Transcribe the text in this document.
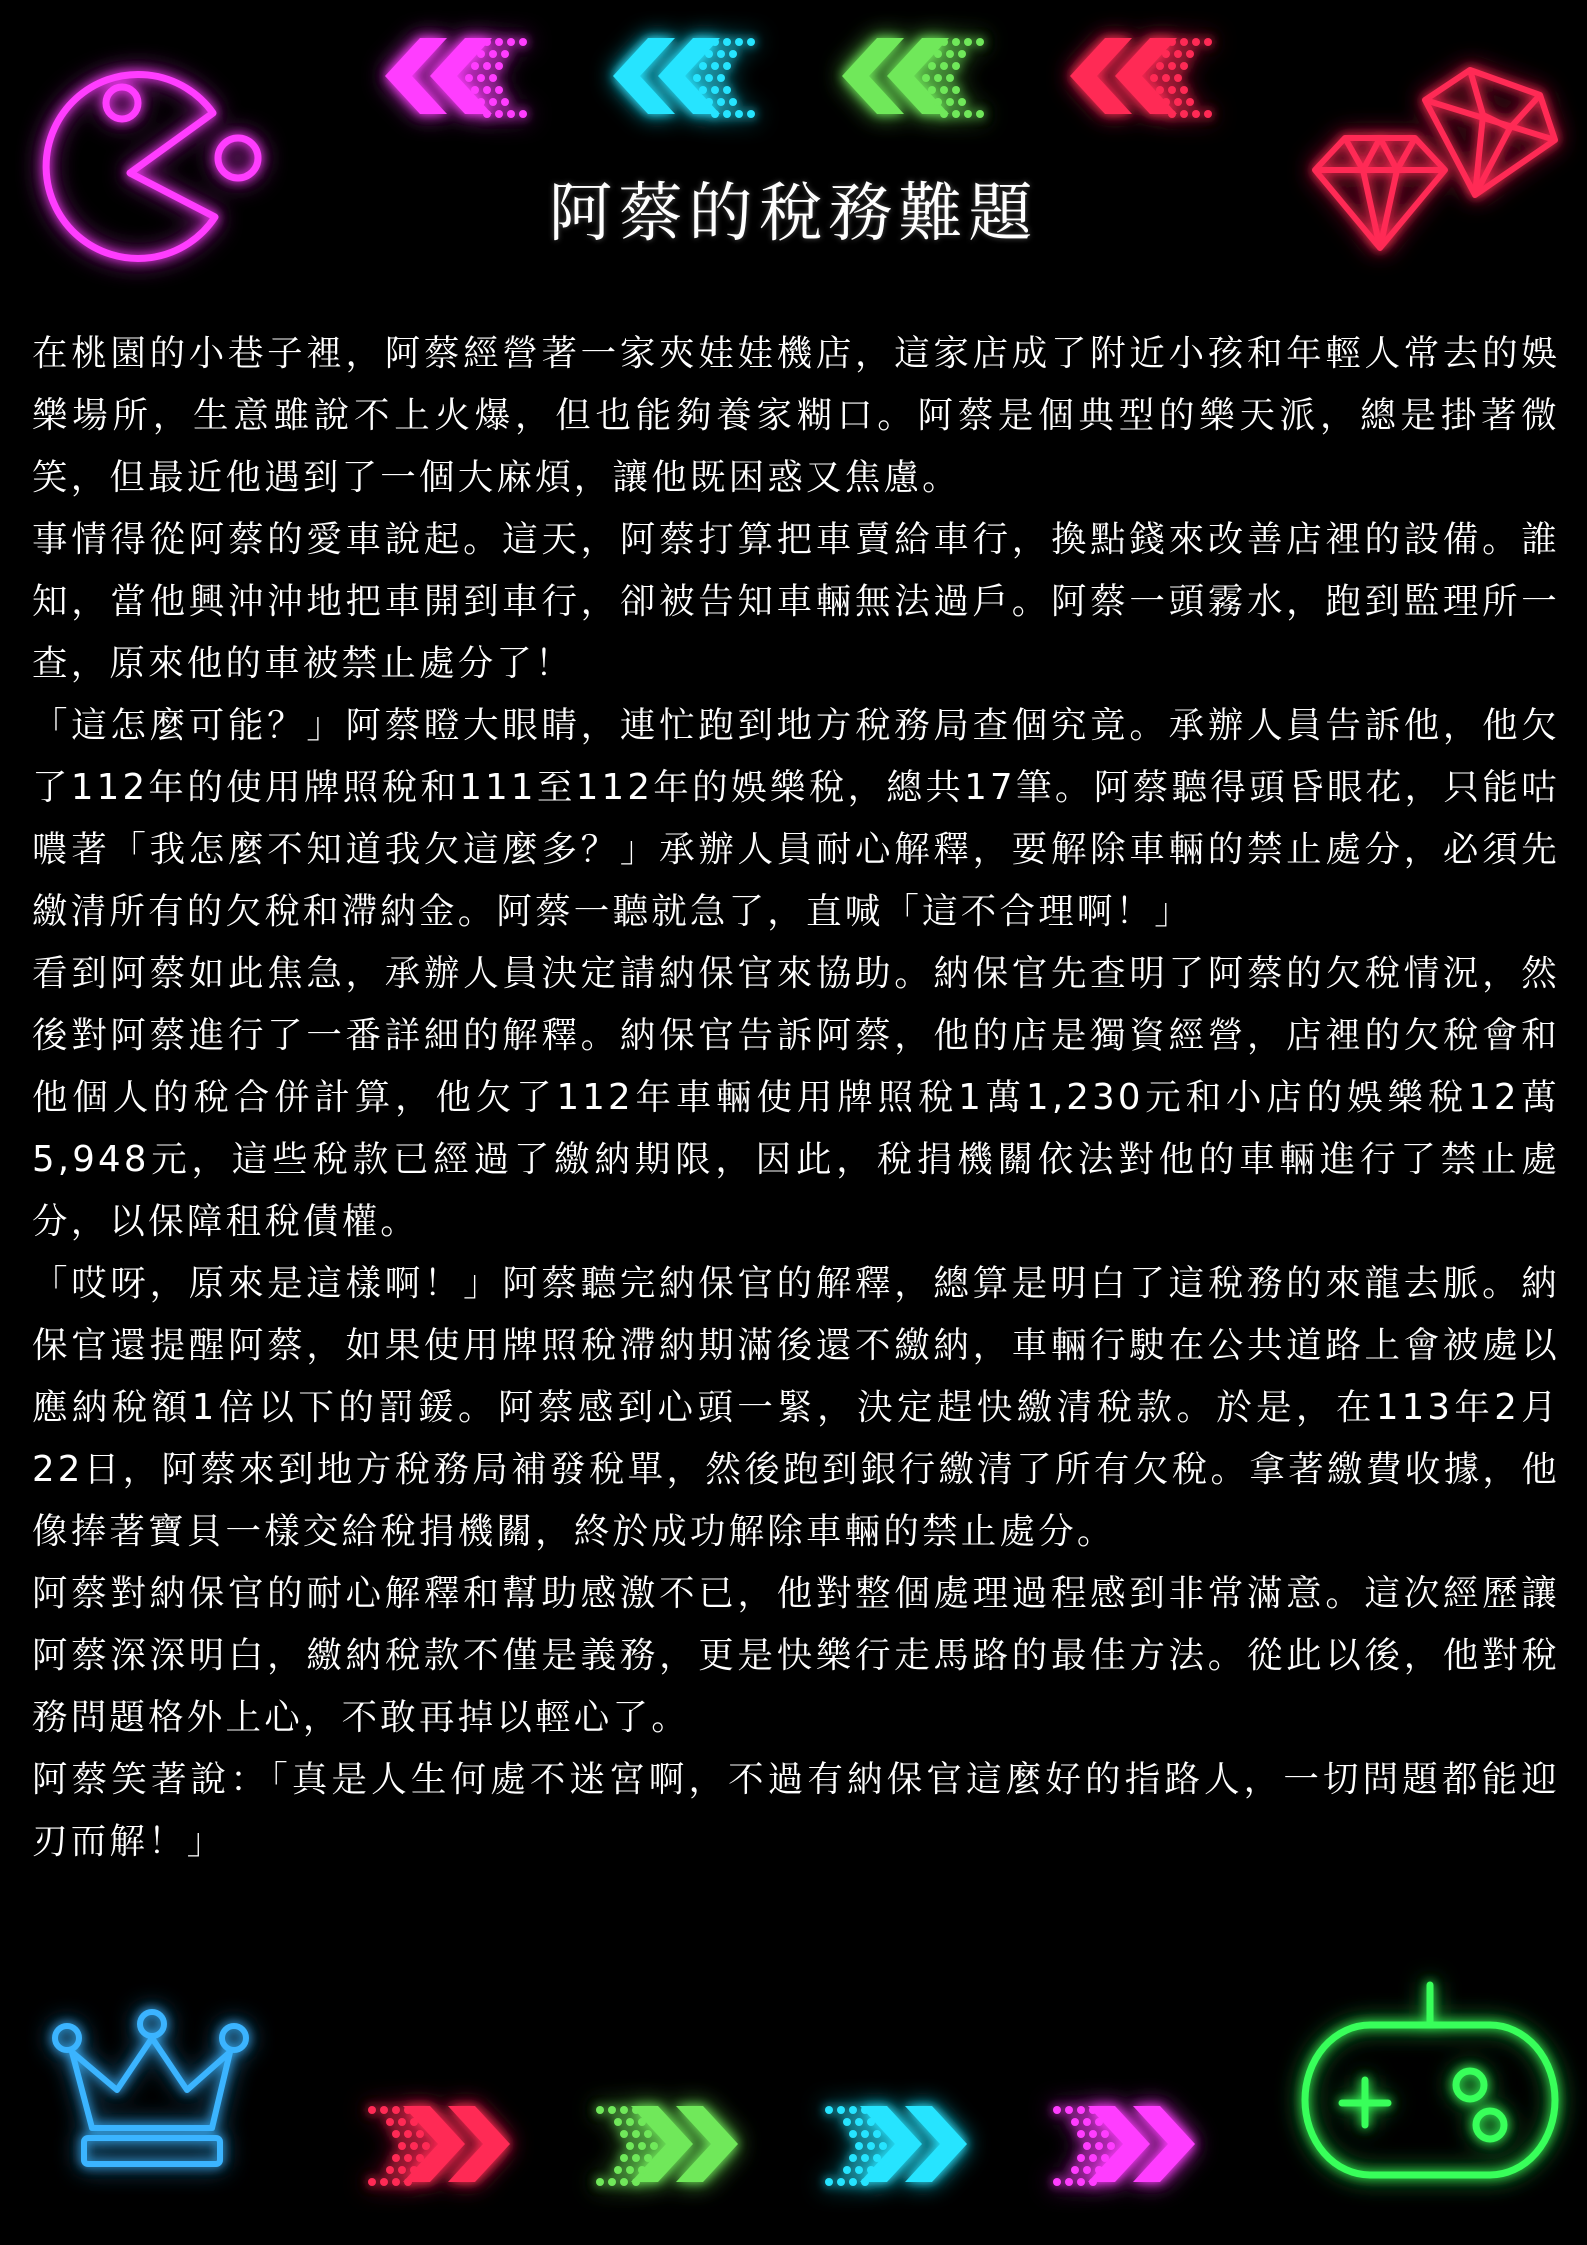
阿蔡的稅務難題

在桃園的小巷子裡，阿蔡經營著一家夾娃娃機店，這家店成了附近小孩和年輕人常去的娛樂場所，生意雖說不上火爆，但也能夠養家糊口。阿蔡是個典型的樂天派，總是掛著微笑，但最近他遇到了一個大麻煩，讓他既困惑又焦慮。

事情得從阿蔡的愛車說起。這天，阿蔡打算把車賣給車行，換點錢來改善店裡的設備。誰知，當他興沖沖地把車開到車行，卻被告知車輛無法過戶。阿蔡一頭霧水，跑到監理所一查，原來他的車被禁止處分了！

「這怎麼可能？」阿蔡瞪大眼睛，連忙跑到地方稅務局查個究竟。承辦人員告訴他，他欠了112年的使用牌照稅和111至112年的娛樂稅，總共17筆。阿蔡聽得頭昏眼花，只能咕噥著「我怎麼不知道我欠這麼多？」承辦人員耐心解釋，要解除車輛的禁止處分，必須先繳清所有的欠稅和滯納金。阿蔡一聽就急了，直喊「這不合理啊！」

看到阿蔡如此焦急，承辦人員決定請納保官來協助。納保官先查明了阿蔡的欠稅情況，然後對阿蔡進行了一番詳細的解釋。納保官告訴阿蔡，他的店是獨資經營，店裡的欠稅會和他個人的稅合併計算，他欠了112年車輛使用牌照稅1萬1,230元和小店的娛樂稅12萬5,948元，這些稅款已經過了繳納期限，因此，稅捐機關依法對他的車輛進行了禁止處分，以保障租稅債權。

「哎呀，原來是這樣啊！」阿蔡聽完納保官的解釋，總算是明白了這稅務的來龍去脈。納保官還提醒阿蔡，如果使用牌照稅滯納期滿後還不繳納，車輛行駛在公共道路上會被處以應納稅額1倍以下的罰鍰。阿蔡感到心頭一緊，決定趕快繳清稅款。於是，在113年2月22日，阿蔡來到地方稅務局補發稅單，然後跑到銀行繳清了所有欠稅。拿著繳費收據，他像捧著寶貝一樣交給稅捐機關，終於成功解除車輛的禁止處分。

阿蔡對納保官的耐心解釋和幫助感激不已，他對整個處理過程感到非常滿意。這次經歷讓阿蔡深深明白，繳納稅款不僅是義務，更是快樂行走馬路的最佳方法。從此以後，他對稅務問題格外上心，不敢再掉以輕心了。

阿蔡笑著說：「真是人生何處不迷宮啊，不過有納保官這麼好的指路人，一切問題都能迎刃而解！」
